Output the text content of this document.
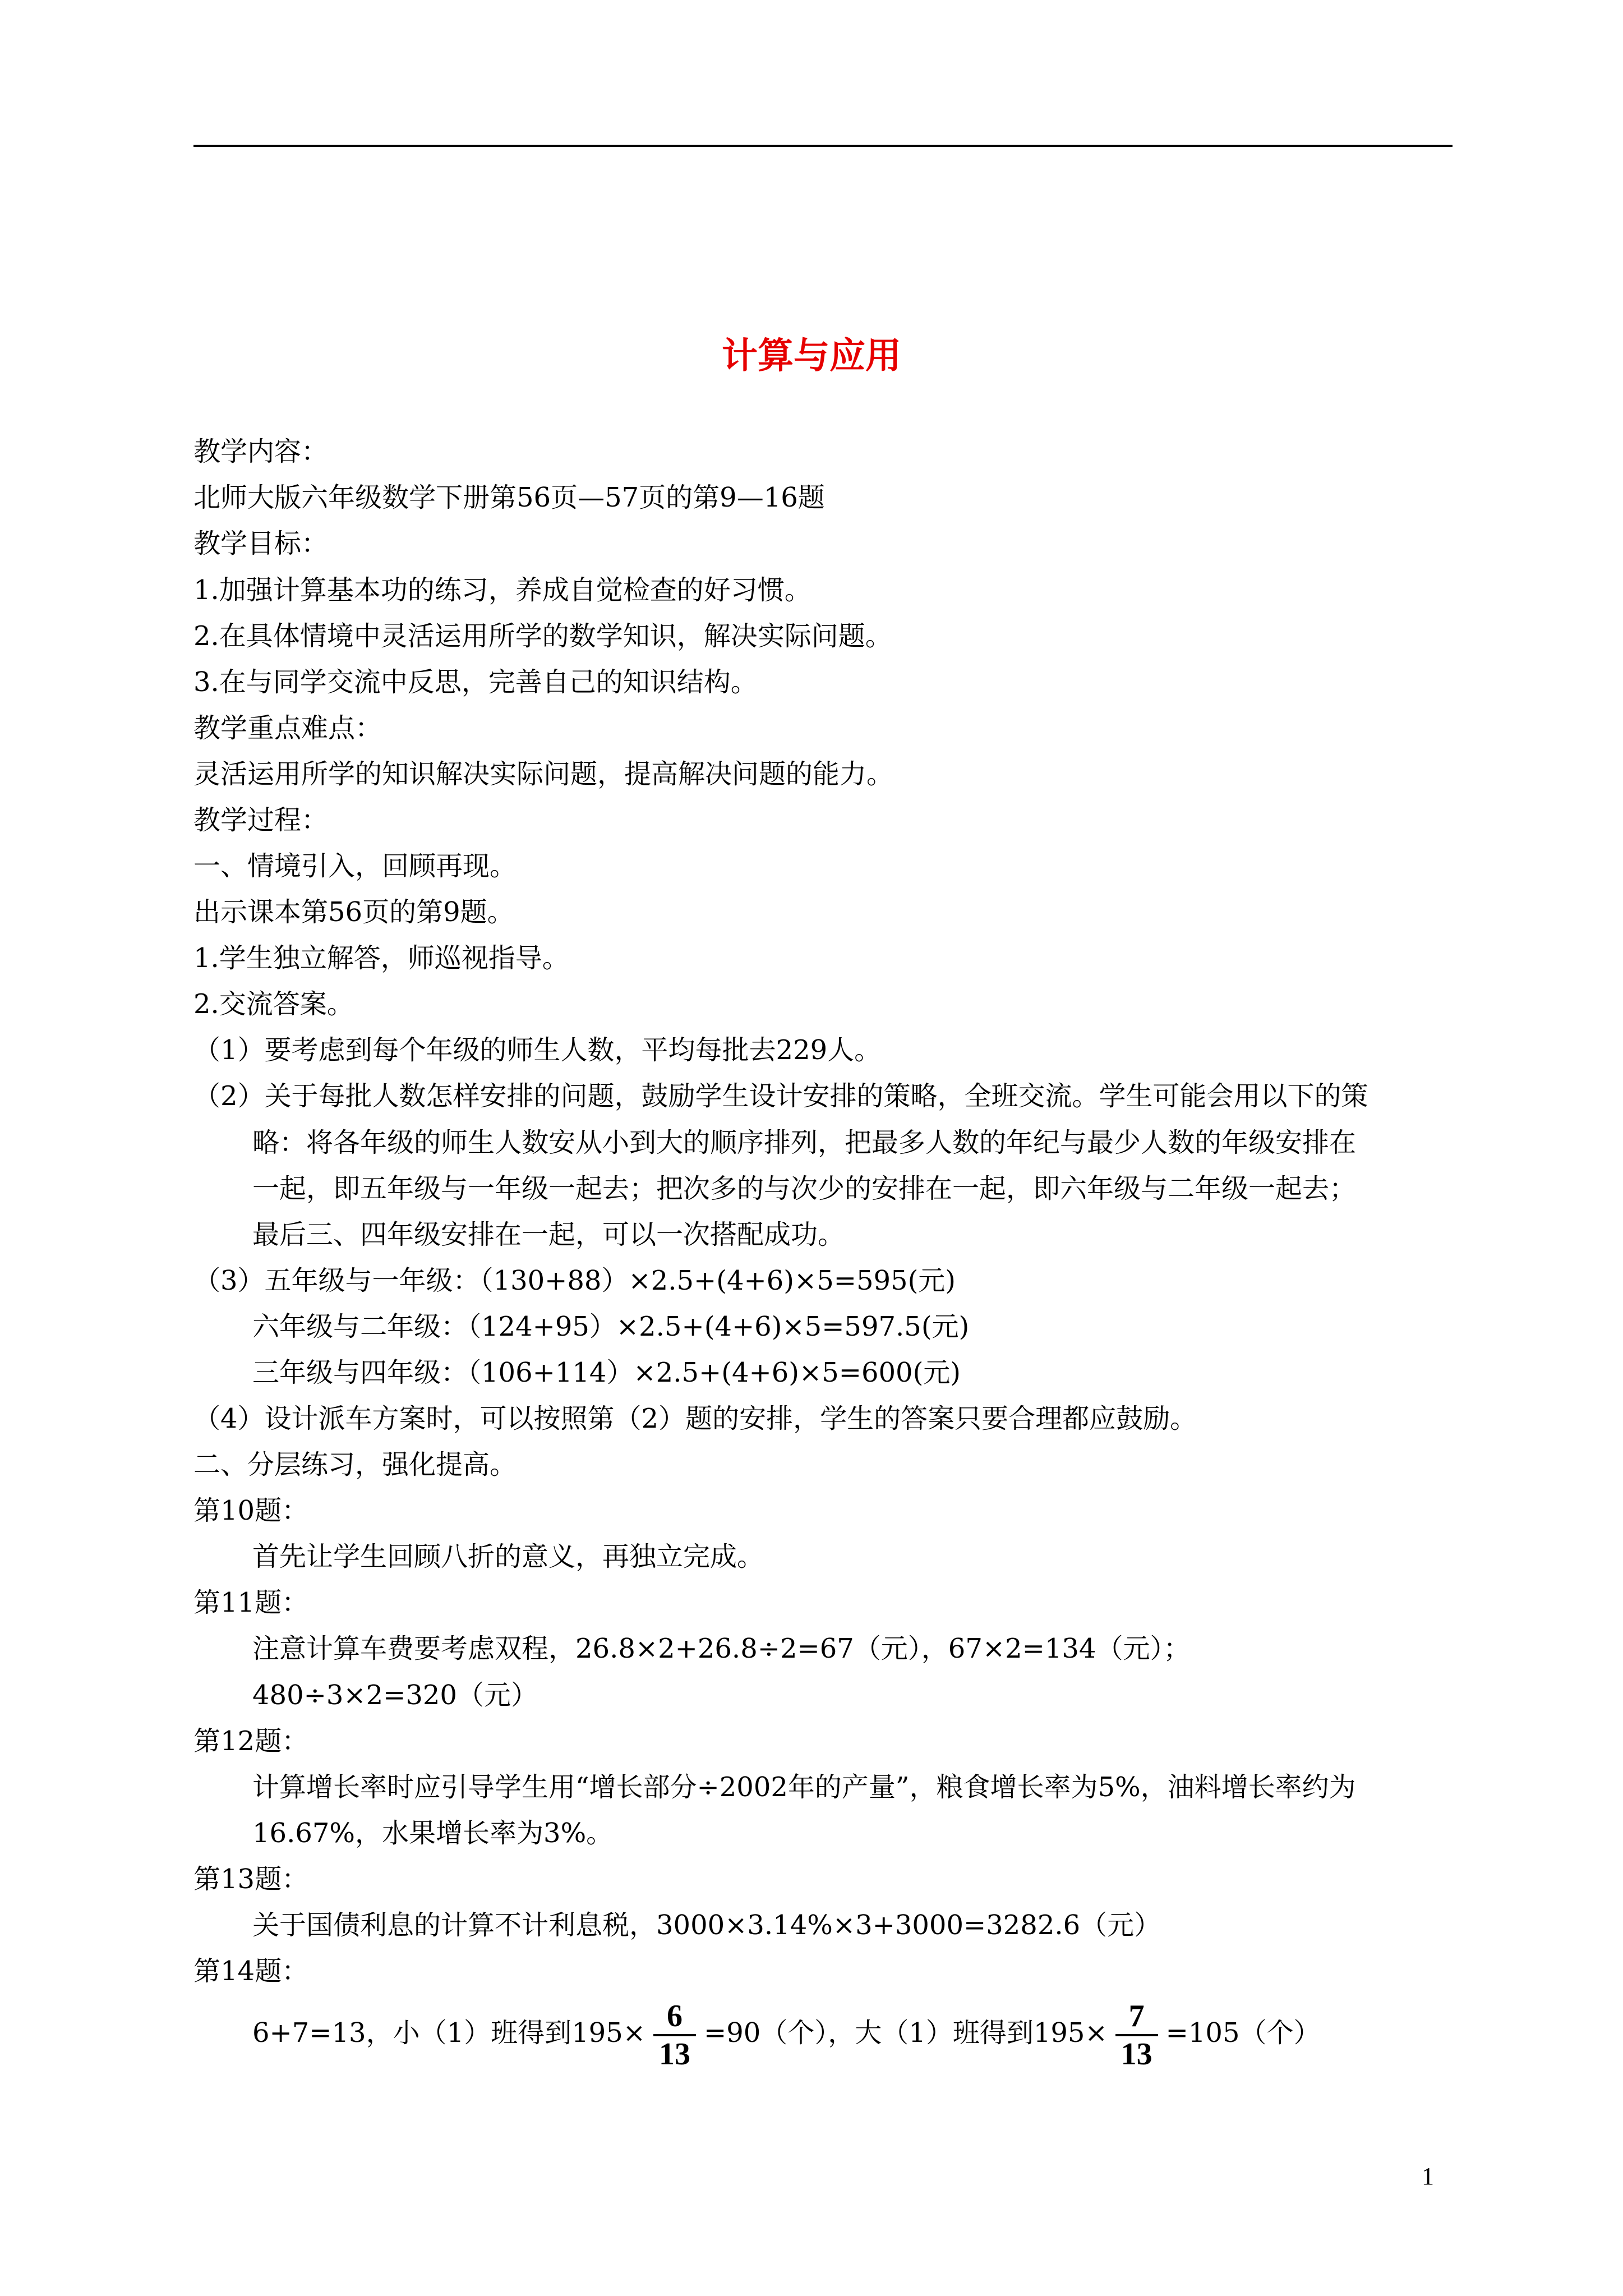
计算与应用
教学内容：
北师大版六年级数学下册第56页—57页的第9—16题
教学目标：
1.加强计算基本功的练习，养成自觉检查的好习惯。
2.在具体情境中灵活运用所学的数学知识，解决实际问题。
3.在与同学交流中反思，完善自己的知识结构。
教学重点难点：
灵活运用所学的知识解决实际问题，提高解决问题的能力。
教学过程：
一、情境引入，回顾再现。
出示课本第56页的第9题。
1.学生独立解答，师巡视指导。
2.交流答案。
（1）要考虑到每个年级的师生人数，平均每批去229人。
（2）关于每批人数怎样安排的问题，鼓励学生设计安排的策略，全班交流。学生可能会用以下的策
略：将各年级的师生人数安从小到大的顺序排列，把最多人数的年纪与最少人数的年级安排在
一起，即五年级与一年级一起去；把次多的与次少的安排在一起，即六年级与二年级一起去；
最后三、四年级安排在一起，可以一次搭配成功。
（3）五年级与一年级：（130+88）×2.5+(4+6)×5=595(元)
六年级与二年级：（124+95）×2.5+(4+6)×5=597.5(元)
三年级与四年级：（106+114）×2.5+(4+6)×5=600(元)
（4）设计派车方案时，可以按照第（2）题的安排，学生的答案只要合理都应鼓励。
二、分层练习，强化提高。
第10题：
首先让学生回顾八折的意义，再独立完成。
第11题：
注意计算车费要考虑双程，26.8×2+26.8÷2=67（元），67×2=134（元）；
480÷3×2=320（元）
第12题：
计算增长率时应引导学生用“增长部分÷2002年的产量”，粮食增长率为5%，油料增长率约为
16.67%，水果增长率为3%。
第13题：
关于国债利息的计算不计利息税，3000×3.14%×3+3000=3282.6（元）
第14题：
6+7=13，小（1）班得到$195\times \frac{6}{13} =90$（个），大（1）班得到$195\times \frac{7}{13} =105$（个）
1
